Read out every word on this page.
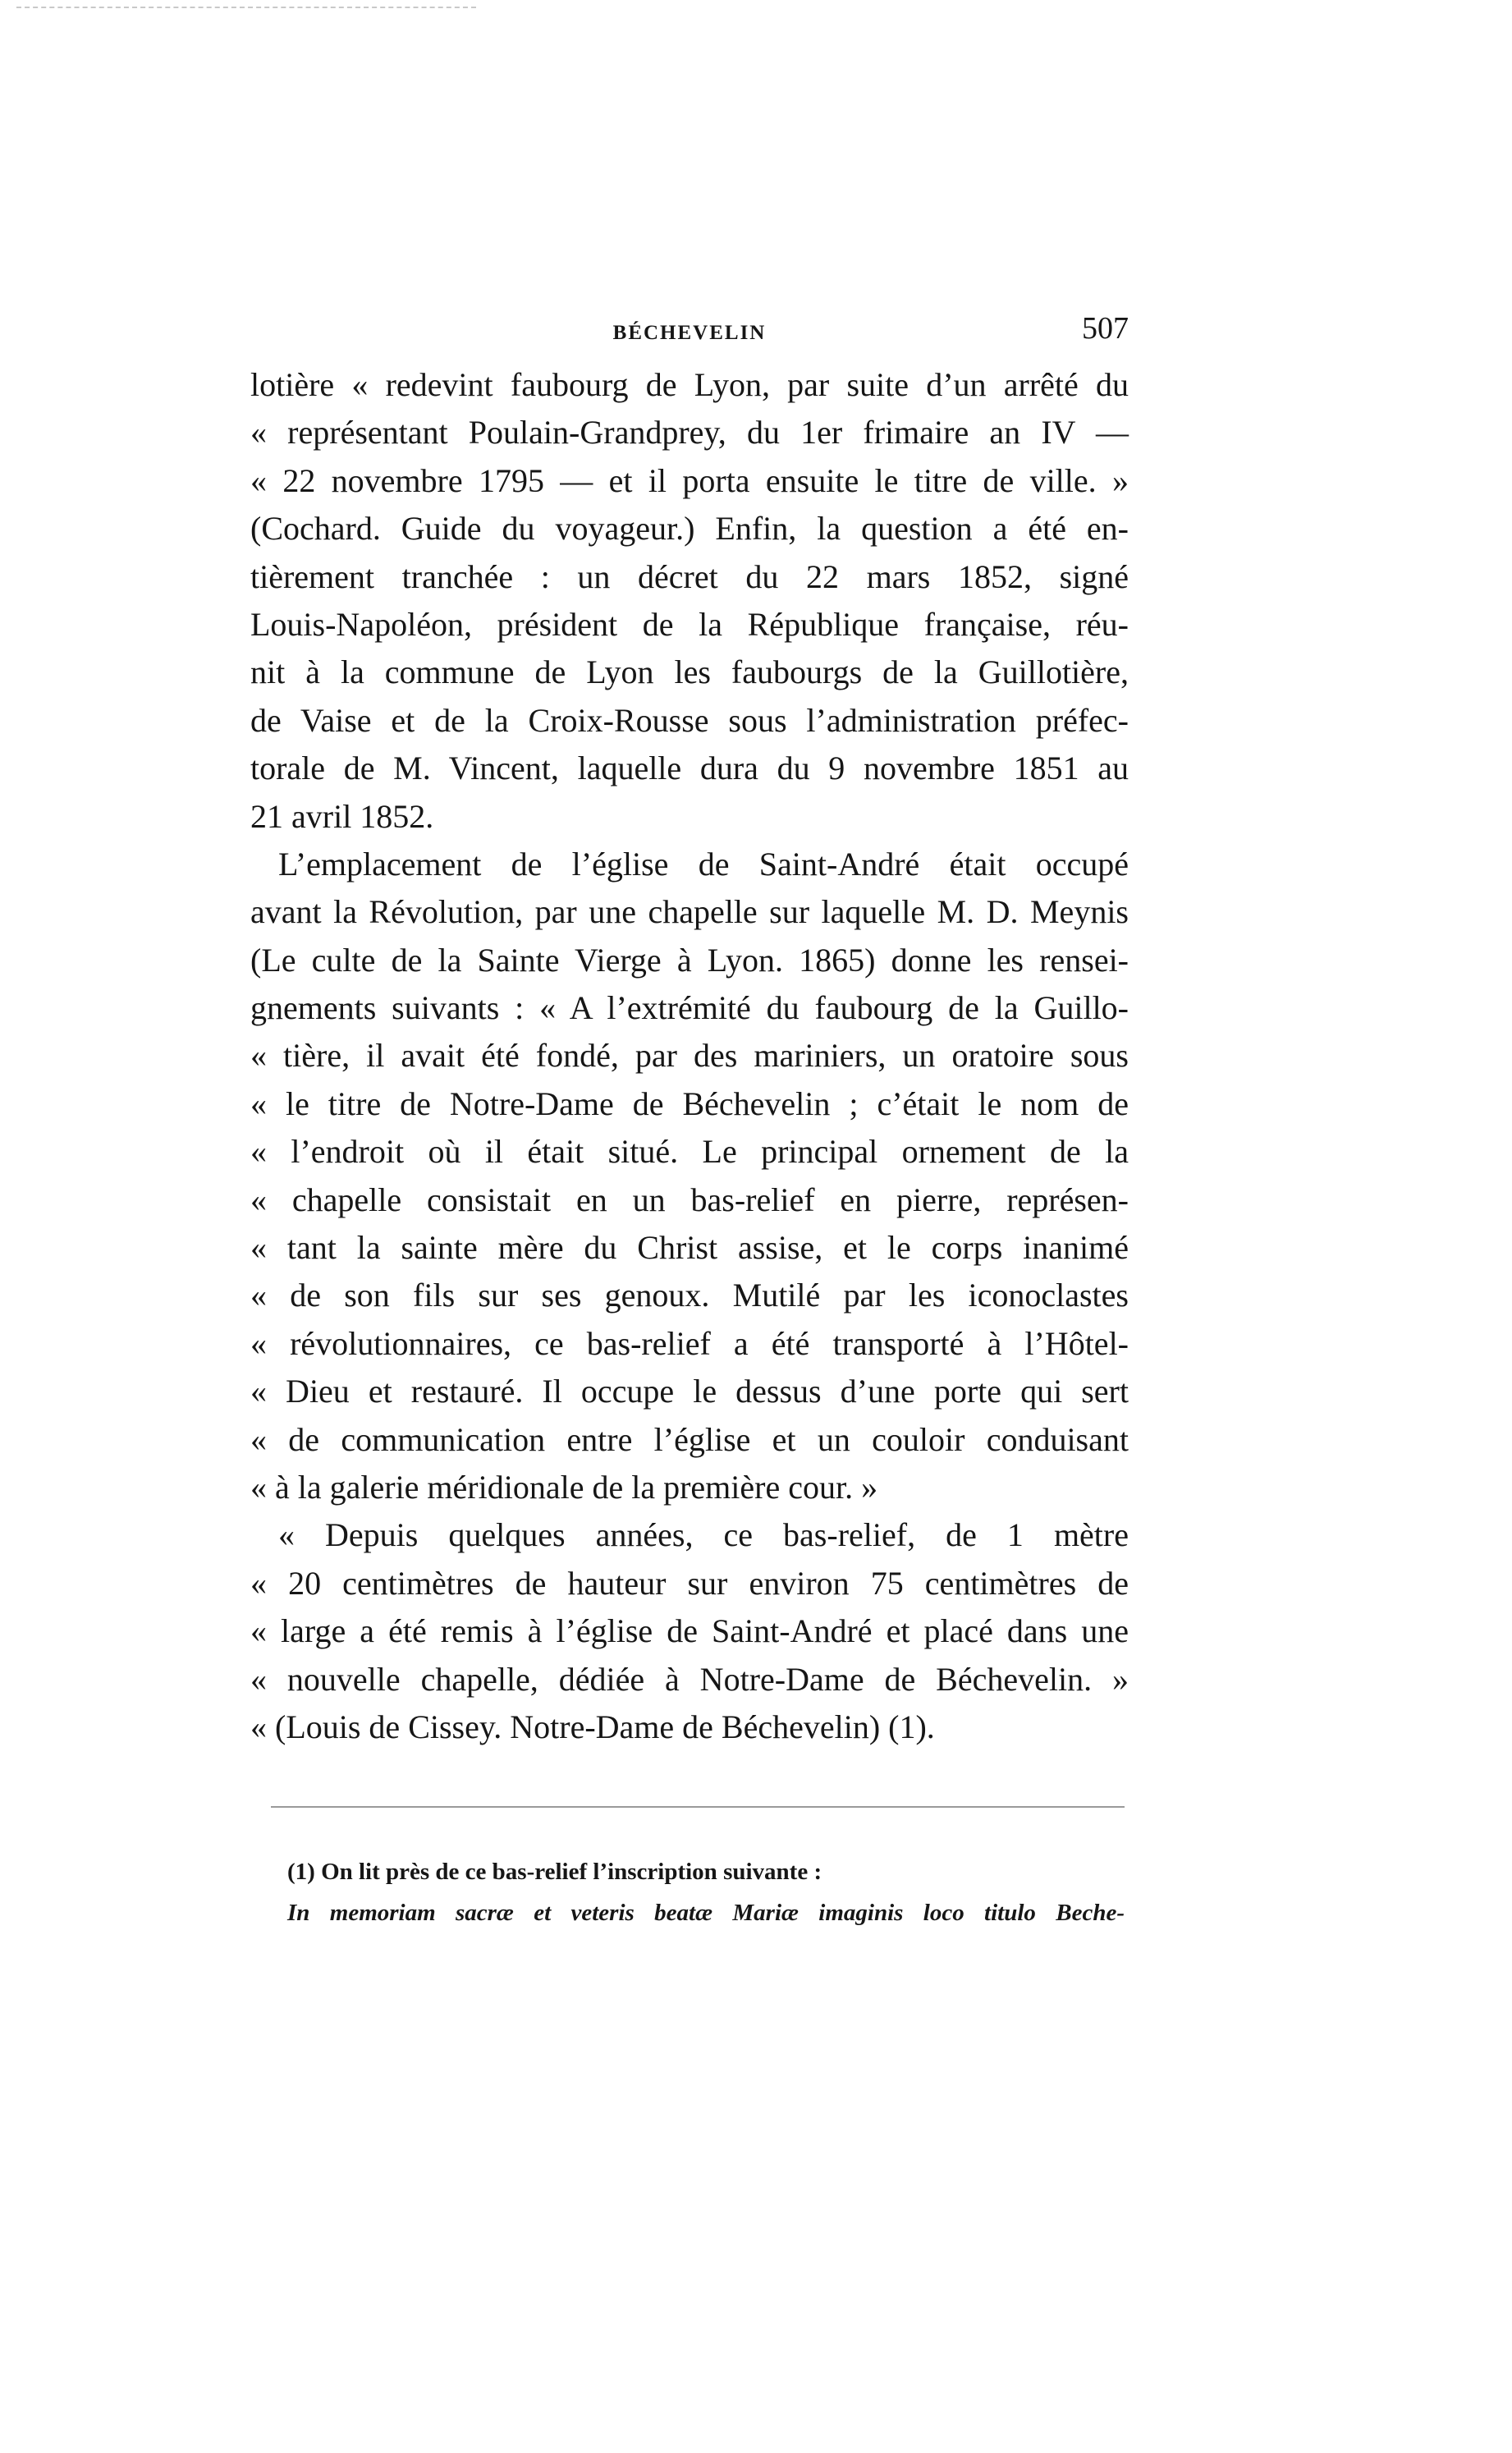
BÉCHEVELIN	507
lotière « redevint faubourg de Lyon, par suite d’un arrêté du
« représentant Poulain-Grandprey, du 1er frimaire an IV —
« 22 novembre 1795 — et il porta ensuite le titre de ville. »
(Cochard. Guide du voyageur.) Enfin, la question a été en-
tièrement tranchée : un décret du 22 mars 1852, signé
Louis-Napoléon, président de la République française, réu-
nit à la commune de Lyon les faubourgs de la Guillotière,
de Vaise et de la Croix-Rousse sous l’administration préfec-
torale de M. Vincent, laquelle dura du 9 novembre 1851 au
21 avril 1852.
L’emplacement de l’église de Saint-André était occupé
avant la Révolution, par une chapelle sur laquelle M. D. Meynis
(Le culte de la Sainte Vierge à Lyon. 1865) donne les rensei-
gnements suivants : « A l’extrémité du faubourg de la Guillo-
« tière, il avait été fondé, par des mariniers, un oratoire sous
« le titre de Notre-Dame de Béchevelin ; c’était le nom de
« l’endroit où il était situé. Le principal ornement de la
« chapelle consistait en un bas-relief en pierre, représen-
« tant la sainte mère du Christ assise, et le corps inanimé
« de son fils sur ses genoux. Mutilé par les iconoclastes
« révolutionnaires, ce bas-relief a été transporté à l’Hôtel-
« Dieu et restauré. Il occupe le dessus d’une porte qui sert
« de communication entre l’église et un couloir conduisant
« à la galerie méridionale de la première cour. »
« Depuis quelques années, ce bas-relief, de 1 mètre
« 20 centimètres de hauteur sur environ 75 centimètres de
« large a été remis à l’église de Saint-André et placé dans une
« nouvelle chapelle, dédiée à Notre-Dame de Béchevelin. »
« (Louis de Cissey. Notre-Dame de Béchevelin) (1).
(1) On lit près de ce bas-relief l’inscription suivante :
In memoriam sacræ et veteris beatæ Mariæ imaginis loco titulo Beche-
